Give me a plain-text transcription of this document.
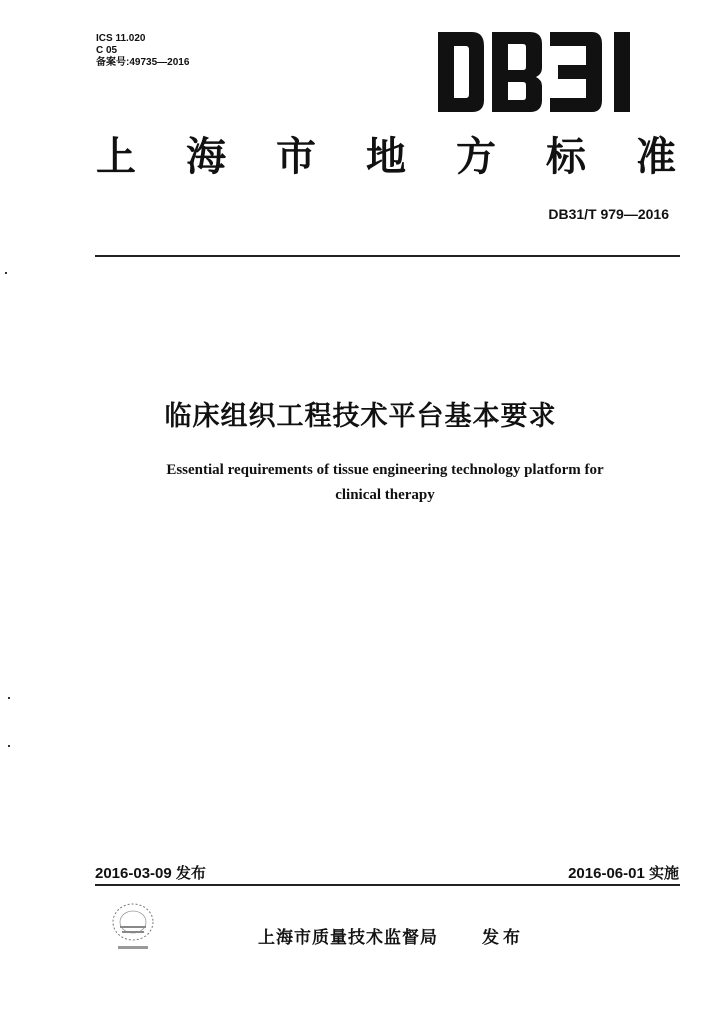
ICS 11.020
C 05
备案号:49735—2016
上 海 市 地 方 标 准
DB31/T 979—2016
临床组织工程技术平台基本要求
Essential requirements of tissue engineering technology platform for
clinical therapy
2016-03-09 发布	2016-06-01 实施
上海市质量技术监督局	发布
